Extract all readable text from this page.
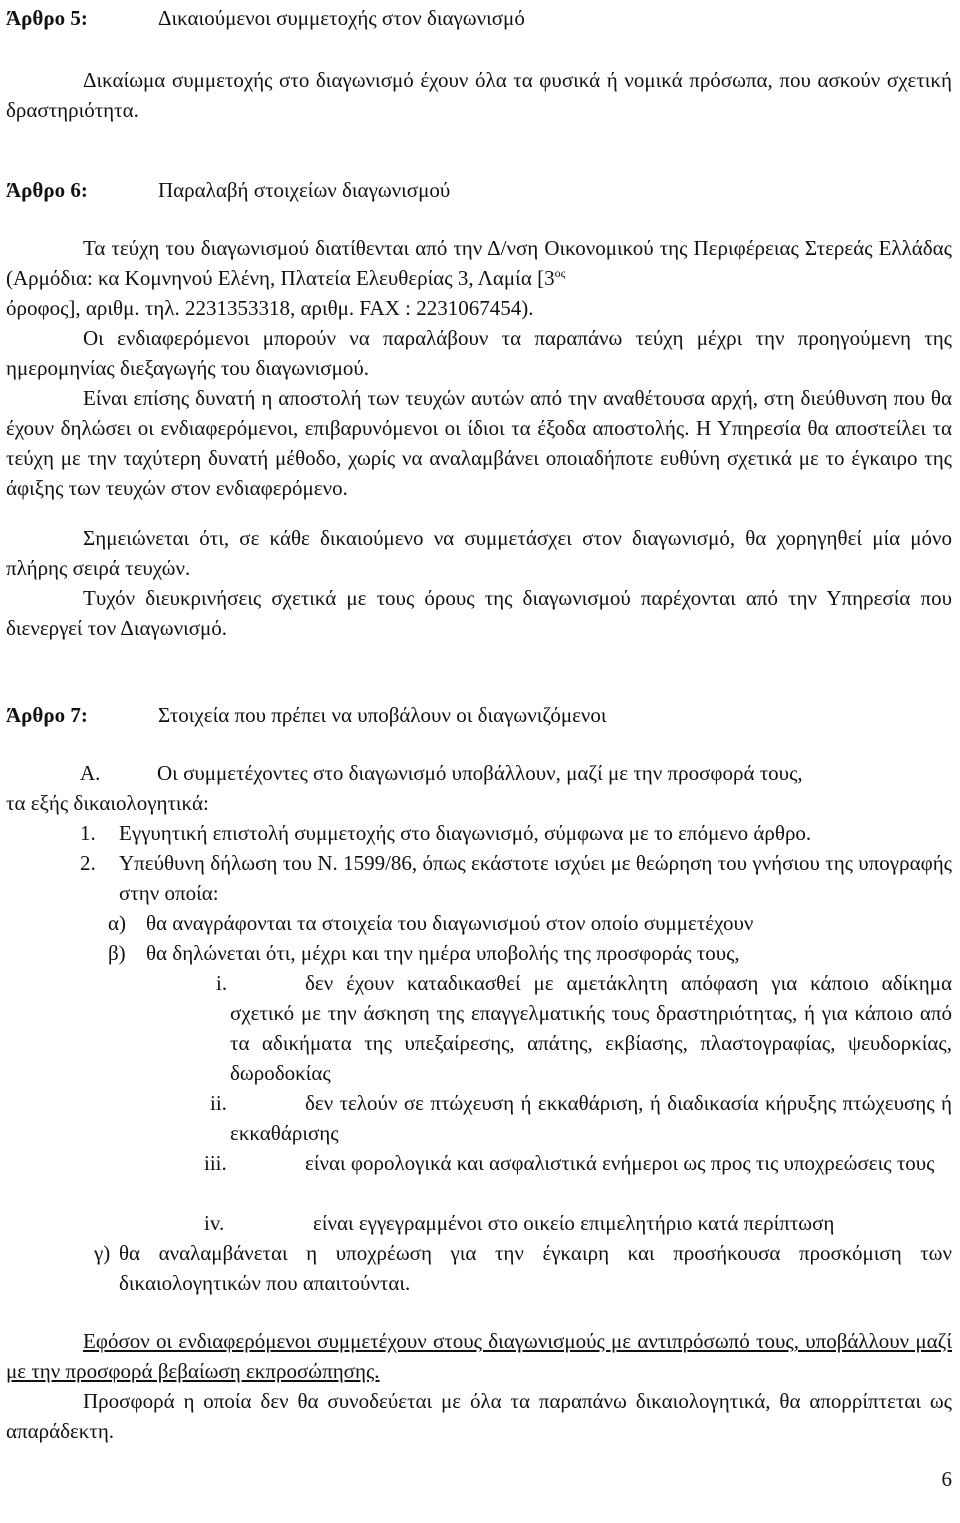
Άρθρο 5:	Δικαιούμενοι συμμετοχής στον διαγωνισμό

Δικαίωμα συμμετοχής στο διαγωνισμό έχουν όλα τα φυσικά ή νομικά πρόσωπα, που ασκούν σχετική δραστηριότητα.

Άρθρο 6:	Παραλαβή στοιχείων διαγωνισμού

Τα τεύχη του διαγωνισμού διατίθενται από την Δ/νση Οικονομικού της Περιφέρειας Στερεάς Ελλάδας (Αρμόδια: κα Κομνηνού Ελένη, Πλατεία Ελευθερίας 3, Λαμία [$3^{o\varsigma}$
όροφος], αριθμ. τηλ. 2231353318, αριθμ. FAX : 2231067454).

Οι ενδιαφερόμενοι μπορούν να παραλάβουν τα παραπάνω τεύχη μέχρι την προηγούμενη της ημερομηνίας διεξαγωγής του διαγωνισμού.

Είναι επίσης δυνατή η αποστολή των τευχών αυτών από την αναθέτουσα αρχή, στη διεύθυνση που θα έχουν δηλώσει οι ενδιαφερόμενοι, επιβαρυνόμενοι οι ίδιοι τα έξοδα αποστολής. Η Υπηρεσία θα αποστείλει τα τεύχη με την ταχύτερη δυνατή μέθοδο, χωρίς να αναλαμβάνει οποιαδήποτε ευθύνη σχετικά με το έγκαιρο της άφιξης των τευχών στον ενδιαφερόμενο.

Σημειώνεται ότι, σε κάθε δικαιούμενο να συμμετάσχει στον διαγωνισμό, θα χορηγηθεί μία μόνο πλήρης σειρά τευχών.

Τυχόν διευκρινήσεις σχετικά με τους όρους της διαγωνισμού παρέχονται από την Υπηρεσία που διενεργεί τον Διαγωνισμό.

Άρθρο 7:	Στοιχεία που πρέπει να υποβάλουν οι διαγωνιζόμενοι
Α.	Οι συμμετέχοντες στο διαγωνισμό υποβάλλουν, μαζί με την προσφορά τους,
τα εξής δικαιολογητικά:
1. Εγγυητική επιστολή συμμετοχής στο διαγωνισμό, σύμφωνα με το επόμενο άρθρο.
2. Υπεύθυνη δήλωση του Ν. 1599/86, όπως εκάστοτε ισχύει με θεώρηση του γνήσιου της υπογραφής στην οποία:

α) θα αναγράφονται τα στοιχεία του διαγωνισμού στον οποίο συμμετέχουν
β) θα δηλώνεται ότι, μέχρι και την ημέρα υποβολής της προσφοράς τους,
i.	δεν έχουν καταδικασθεί με αμετάκλητη απόφαση για κάποιο αδίκημα σχετικό με την άσκηση της επαγγελματικής τους δραστηριότητας, ή για κάποιο από τα αδικήματα της υπεξαίρεσης, απάτης, εκβίασης, πλαστογραφίας, ψευδορκίας, δωροδοκίας

ii.	δεν τελούν σε πτώχευση ή εκκαθάριση, ή διαδικασία κήρυξης πτώχευσης ή εκκαθάρισης

iii.	είναι φορολογικά και ασφαλιστικά ενήμεροι ως προς τις υποχρεώσεις τους

iv.	είναι εγγεγραμμένοι στο οικείο επιμελητήριο κατά περίπτωση
γ) θα αναλαμβάνεται η υποχρέωση για την έγκαιρη και προσήκουσα προσκόμιση των δικαιολογητικών που απαιτούνται.

Εφόσον οι ενδιαφερόμενοι συμμετέχουν στους διαγωνισμούς με αντιπρόσωπό τους, υποβάλλουν μαζί με την προσφορά βεβαίωση εκπροσώπησης.

Προσφορά η οποία δεν θα συνοδεύεται με όλα τα παραπάνω δικαιολογητικά, θα απορρίπτεται ως απαράδεκτη.

6
